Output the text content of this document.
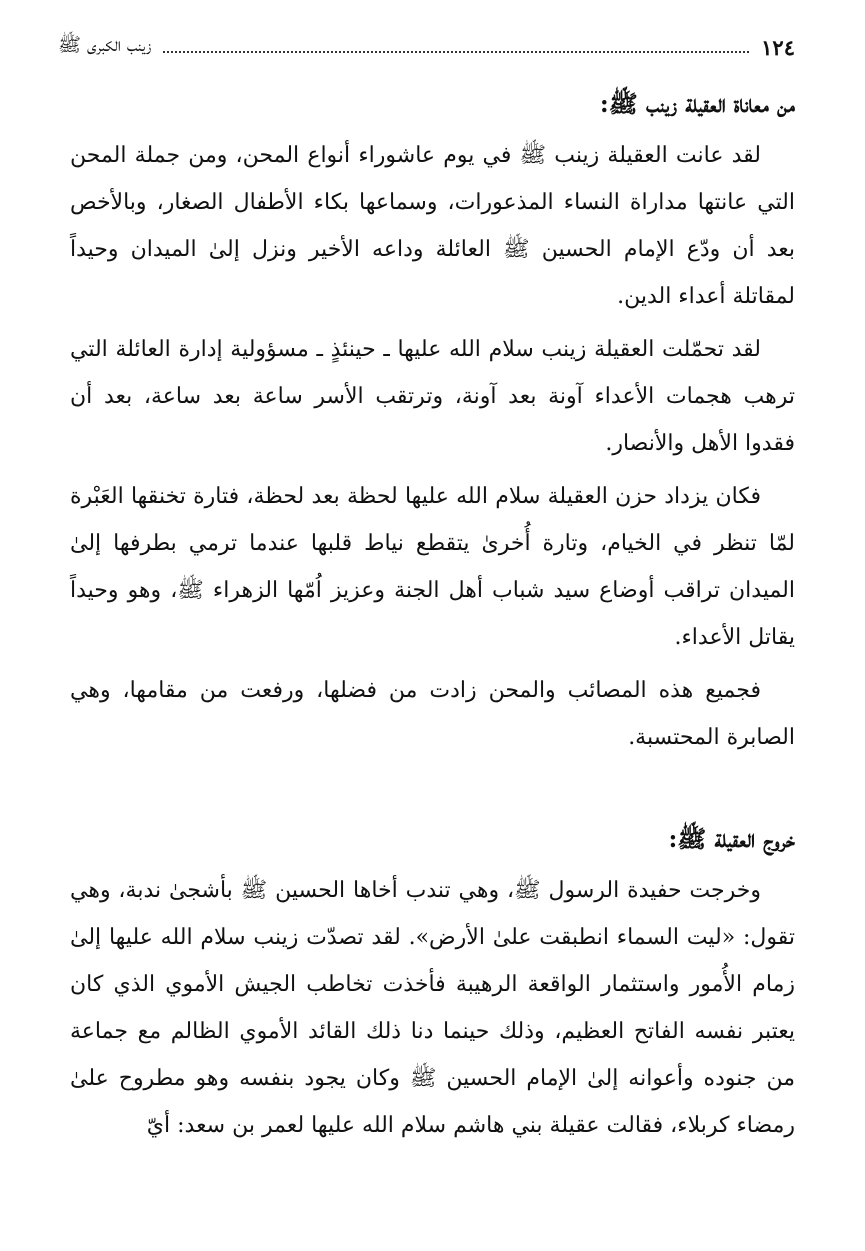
١٢٤
زينب الكبرى ﷺ
من معاناة العقيلة زينب ﷺ:

لقد عانت العقيلة زينب ﷺ في يوم عاشوراء أنواع المحن، ومن جملة المحن التي عانتها مداراة النساء المذعورات، وسماعها بكاء الأطفال الصغار، وبالأخص بعد أن ودّع الإمام الحسين ﷺ العائلة وداعه الأخير ونزل إلىٰ الميدان وحيداً لمقاتلة أعداء الدين.

لقد تحمّلت العقيلة زينب سلام الله عليها ـ حينئذٍ ـ مسؤولية إدارة العائلة التي ترهب هجمات الأعداء آونة بعد آونة، وترتقب الأسر ساعة بعد ساعة، بعد أن فقدوا الأهل والأنصار.

فكان يزداد حزن العقيلة سلام الله عليها لحظة بعد لحظة، فتارة تخنقها العَبْرة لمّا تنظر في الخيام، وتارة أُخرىٰ يتقطع نياط قلبها عندما ترمي بطرفها إلىٰ الميدان تراقب أوضاع سيد شباب أهل الجنة وعزيز اُمّها الزهراء ﷺ، وهو وحيداً يقاتل الأعداء.

فجميع هذه المصائب والمحن زادت من فضلها، ورفعت من مقامها، وهي الصابرة المحتسبة.

خروج العقيلة ﷺ:

وخرجت حفيدة الرسول ﷺ، وهي تندب أخاها الحسين ﷺ بأشجىٰ ندبة، وهي تقول: «ليت السماء انطبقت علىٰ الأرض». لقد تصدّت زينب سلام الله عليها إلىٰ زمام الأُمور واستثمار الواقعة الرهيبة فأخذت تخاطب الجيش الأموي الذي كان يعتبر نفسه الفاتح العظيم، وذلك حينما دنا ذلك القائد الأموي الظالم مع جماعة من جنوده وأعوانه إلىٰ الإمام الحسين ﷺ وكان يجود بنفسه وهو مطروح علىٰ رمضاء كربلاء، فقالت عقيلة بني هاشم سلام الله عليها لعمر بن سعد: أيّ
